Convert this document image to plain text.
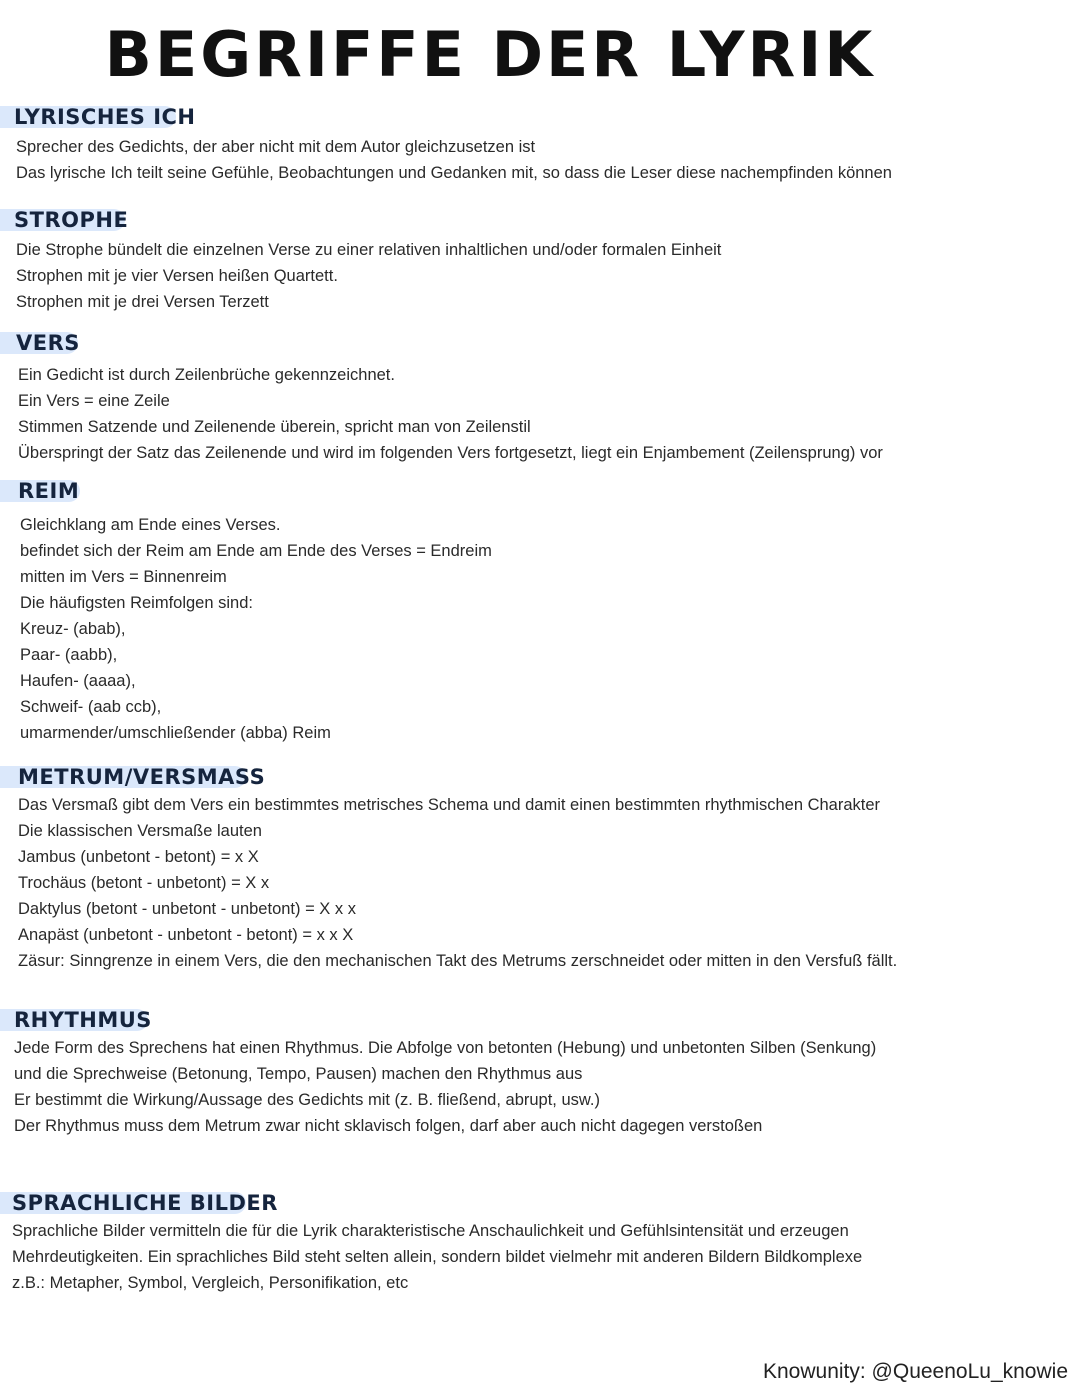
BEGRIFFE DER LYRIK
LYRISCHES ICH
Sprecher des Gedichts, der aber nicht mit dem Autor gleichzusetzen ist
Das lyrische Ich teilt seine Gefühle, Beobachtungen und Gedanken mit, so dass die Leser diese nachempfinden können
STROPHE
Die Strophe bündelt die einzelnen Verse zu einer relativen inhaltlichen und/oder formalen Einheit
Strophen mit je vier Versen heißen Quartett.
Strophen mit je drei Versen Terzett
VERS
Ein Gedicht ist durch Zeilenbrüche gekennzeichnet.
Ein Vers = eine Zeile
Stimmen Satzende und Zeilenende überein, spricht man von Zeilenstil
Überspringt der Satz das Zeilenende und wird im folgenden Vers fortgesetzt, liegt ein Enjambement (Zeilensprung) vor
REIM
Gleichklang am Ende eines Verses.
befindet sich der Reim am Ende am Ende des Verses = Endreim
mitten im Vers = Binnenreim
Die häufigsten Reimfolgen sind:
Kreuz- (abab),
Paar- (aabb),
Haufen- (aaaa),
Schweif- (aab ccb),
umarmender/umschließender (abba) Reim
METRUM/VERSMASS
Das Versmaß gibt dem Vers ein bestimmtes metrisches Schema und damit einen bestimmten rhythmischen Charakter
Die klassischen Versmaße lauten
Jambus (unbetont - betont) = x X
Trochäus (betont - unbetont) = X x
Daktylus (betont - unbetont - unbetont) = X x x
Anapäst (unbetont - unbetont - betont) = x x X
Zäsur: Sinngrenze in einem Vers, die den mechanischen Takt des Metrums zerschneidet oder mitten in den Versfuß fällt.
RHYTHMUS
Jede Form des Sprechens hat einen Rhythmus. Die Abfolge von betonten (Hebung) und unbetonten Silben (Senkung)
und die Sprechweise (Betonung, Tempo, Pausen) machen den Rhythmus aus
Er bestimmt die Wirkung/Aussage des Gedichts mit (z. B. fließend, abrupt, usw.)
Der Rhythmus muss dem Metrum zwar nicht sklavisch folgen, darf aber auch nicht dagegen verstoßen
SPRACHLICHE BILDER
Sprachliche Bilder vermitteln die für die Lyrik charakteristische Anschaulichkeit und Gefühlsintensität und erzeugen
Mehrdeutigkeiten. Ein sprachliches Bild steht selten allein, sondern bildet vielmehr mit anderen Bildern Bildkomplexe
z.B.: Metapher, Symbol, Vergleich, Personifikation, etc
Knowunity: @QueenoLu_knowie
